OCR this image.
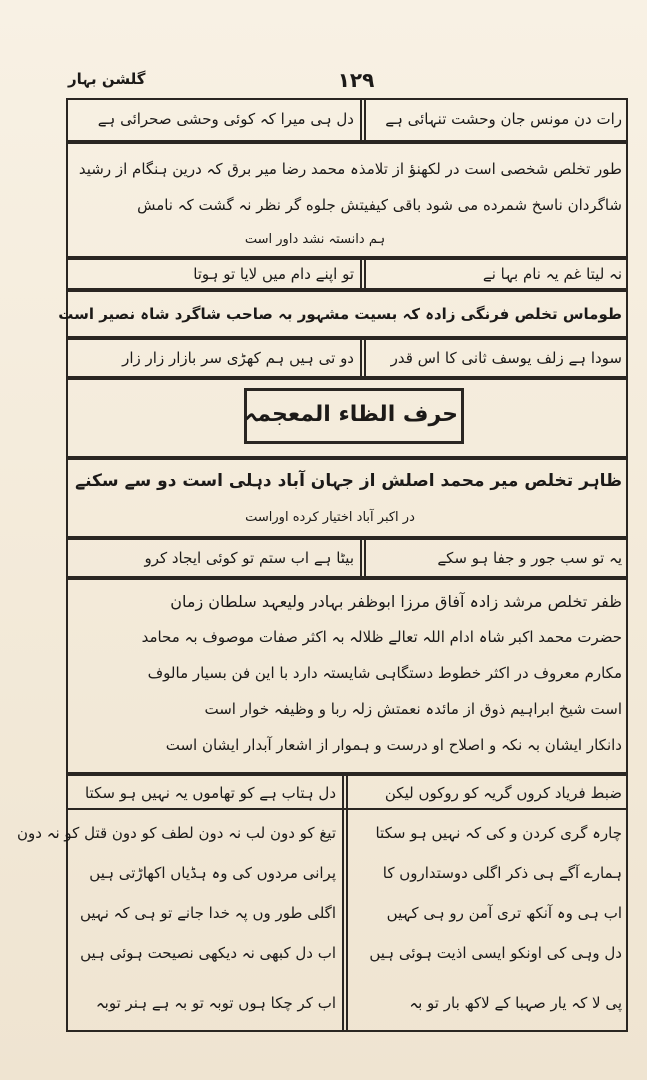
۱۲۹
گلشن بہار
رات دن مونس جان وحشت تنہائی ہے
دل ہی میرا کہ کوئی وحشی صحرائی ہے
طور تخلص شخصی است در لکھنؤ از تلامذہ محمد رضا میر برق کہ درین ہنگام از رشید
شاگردان ناسخ شمرده می شود باقی کیفیتش جلوه گر نظر نہ گشت کہ نامش
ہم دانستہ نشد داور است
نہ لیتا غم یہ نام بہا نے
تو اپنے دام میں لایا تو ہوتا
طوماس تخلص فرنگی زادہ کہ بسیت مشہور بہ صاحب شاگرد شاہ نصیر است
سودا ہے زلف یوسف ثانی کا اس قدر
دو تی ہیں ہم کھڑی سر بازار زار زار
حرف الظاء المعجمہ
ظاہر تخلص میر محمد اصلش از جہان آباد دہلی است دو سے سکنے
در اکبر آباد اختیار کرده اوراست
یہ تو سب جور و جفا ہو سکے
بیٹا ہے اب ستم تو کوئی ایجاد کرو
ظفر تخلص مرشد زادہ آفاق مرزا ابوظفر بہادر ولیعہد سلطان زمان
حضرت محمد اکبر شاہ ادام اللہ تعالے ظلالہ بہ اکثر صفات موصوف بہ محامد
مکارم معروف در اکثر خطوط دستگاہی شایستہ دارد با این فن بسیار مالوف
است شیخ ابراہیم ذوق از مائدہ نعمتش زلہ ربا و وظیفہ خوار است
دانکار ایشان بہ نکہ و اصلاح او درست و ہموار از اشعار آبدار ایشان است
ضبط فریاد کروں گریہ کو روکوں لیکن
چارہ گری کردن و کی کہ نہیں ہو سکتا
ہمارے آگے ہی ذکر اگلی دوستداروں کا
اب ہی وہ آنکھ تری آمن رو ہی کہیں
دل وہی کی اونکو ایسی اذیت ہوئی ہیں
پی لا کہ یار صہبا کے لاکھ بار تو بہ
دل ہتاب ہے کو تھاموں یہ نہیں ہو سکتا
تیغ کو دون لب نہ دون لطف کو دون قتل کو نہ دون
پرانی مردوں کی وہ ہڈیاں اکھاڑتی ہیں
اگلی طور وں پہ خدا جانے تو ہی کہ نہیں
اب دل کبھی نہ دیکھی نصیحت ہوئی ہیں
اب کر چکا ہوں توبہ تو بہ ہے ہنر توبہ
